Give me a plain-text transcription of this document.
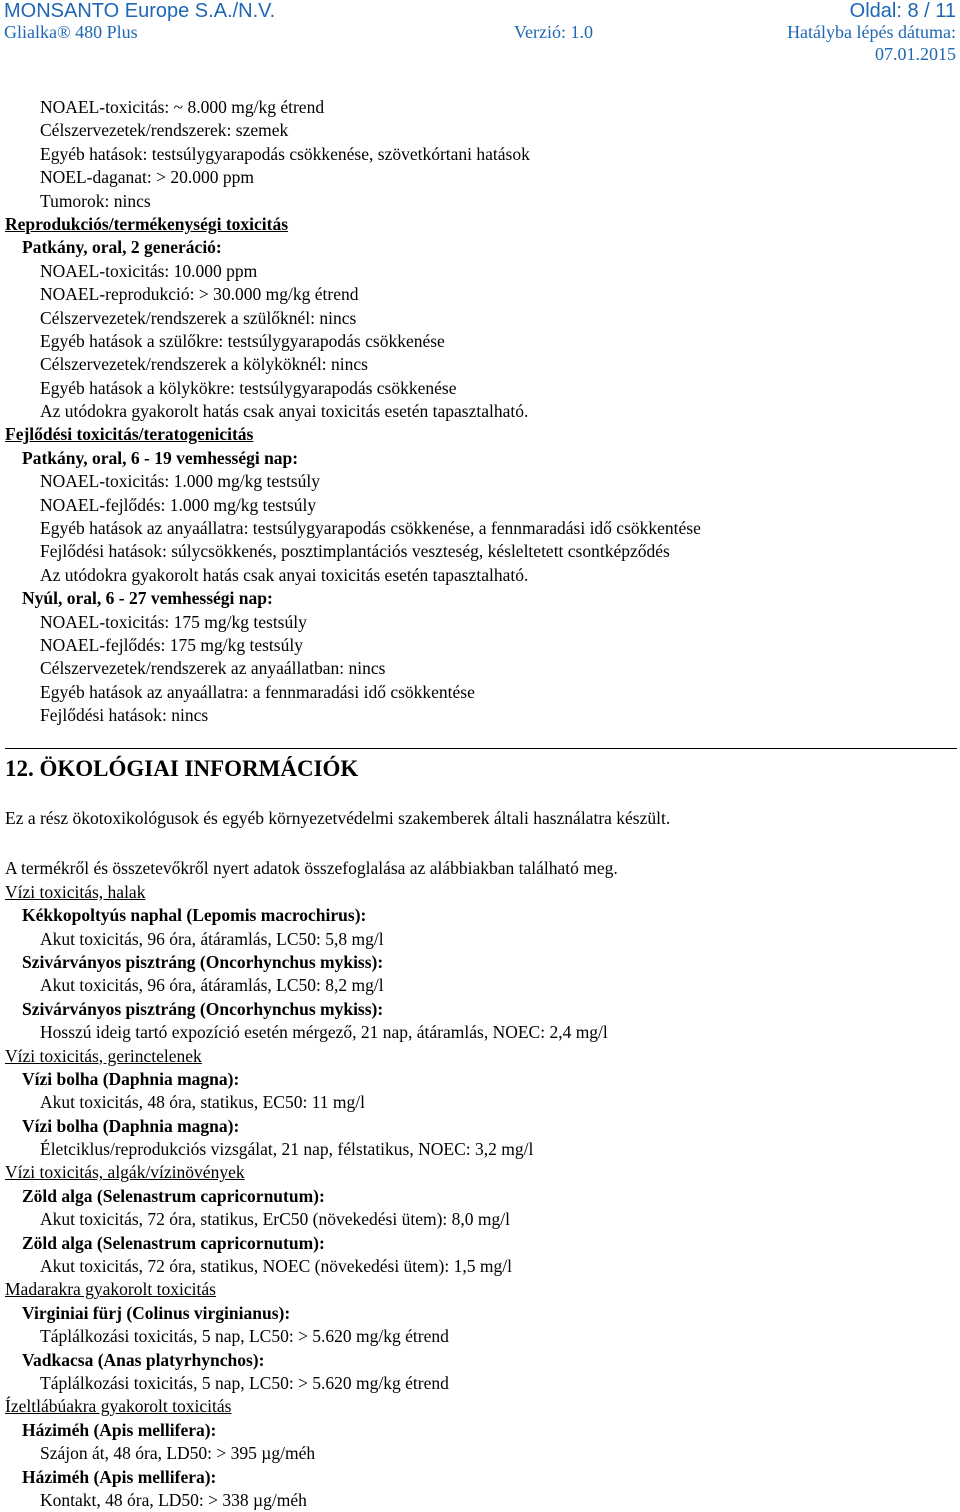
MONSANTO Europe S.A./N.V.	Oldal: 8 / 11
Glialka® 480 Plus	Verzió: 1.0	Hatályba lépés dátuma:
07.01.2015
NOAEL-toxicitás: ~ 8.000 mg/kg étrend
Célszervezetek/rendszerek: szemek
Egyéb hatások: testsúlygyarapodás csökkenése, szövetkórtani hatások
NOEL-daganat: > 20.000 ppm
Tumorok: nincs
Reprodukciós/termékenységi toxicitás
Patkány, oral, 2 generáció:
NOAEL-toxicitás: 10.000 ppm
NOAEL-reprodukció: > 30.000 mg/kg étrend
Célszervezetek/rendszerek a szülőknél: nincs
Egyéb hatások a szülőkre: testsúlygyarapodás csökkenése
Célszervezetek/rendszerek a kölyköknél: nincs
Egyéb hatások a kölykökre: testsúlygyarapodás csökkenése
Az utódokra gyakorolt hatás csak anyai toxicitás esetén tapasztalható.
Fejlődési toxicitás/teratogenicitás
Patkány, oral, 6 - 19 vemhességi nap:
NOAEL-toxicitás: 1.000 mg/kg testsúly
NOAEL-fejlődés: 1.000 mg/kg testsúly
Egyéb hatások az anyaállatra: testsúlygyarapodás csökkenése, a fennmaradási idő csökkentése
Fejlődési hatások: súlycsökkenés, posztimplantációs veszteség, késleltetett csontképződés
Az utódokra gyakorolt hatás csak anyai toxicitás esetén tapasztalható.
Nyúl, oral, 6 - 27 vemhességi nap:
NOAEL-toxicitás: 175 mg/kg testsúly
NOAEL-fejlődés: 175 mg/kg testsúly
Célszervezetek/rendszerek az anyaállatban: nincs
Egyéb hatások az anyaállatra: a fennmaradási idő csökkentése
Fejlődési hatások: nincs
12. ÖKOLÓGIAI INFORMÁCIÓK
Ez a rész ökotoxikológusok és egyéb környezetvédelmi szakemberek általi használatra készült.
A termékről és összetevőkről nyert adatok összefoglalása az alábbiakban található meg.
Vízi toxicitás, halak
Kékkopoltyús naphal (Lepomis macrochirus):
Akut toxicitás, 96 óra, átáramlás, LC50: 5,8 mg/l
Szivárványos pisztráng (Oncorhynchus mykiss):
Akut toxicitás, 96 óra, átáramlás, LC50: 8,2 mg/l
Szivárványos pisztráng (Oncorhynchus mykiss):
Hosszú ideig tartó expozíció esetén mérgező, 21 nap, átáramlás, NOEC: 2,4 mg/l
Vízi toxicitás, gerinctelenek
Vízi bolha (Daphnia magna):
Akut toxicitás, 48 óra, statikus, EC50: 11 mg/l
Vízi bolha (Daphnia magna):
Életciklus/reprodukciós vizsgálat, 21 nap, félstatikus, NOEC: 3,2 mg/l
Vízi toxicitás, algák/vízinövények
Zöld alga (Selenastrum capricornutum):
Akut toxicitás, 72 óra, statikus, ErC50 (növekedési ütem): 8,0 mg/l
Zöld alga (Selenastrum capricornutum):
Akut toxicitás, 72 óra, statikus, NOEC (növekedési ütem): 1,5 mg/l
Madarakra gyakorolt toxicitás
Virginiai fürj (Colinus virginianus):
Táplálkozási toxicitás, 5 nap, LC50: > 5.620 mg/kg étrend
Vadkacsa (Anas platyrhynchos):
Táplálkozási toxicitás, 5 nap, LC50: > 5.620 mg/kg étrend
Ízeltlábúakra gyakorolt toxicitás
Háziméh (Apis mellifera):
Szájon át, 48 óra, LD50: > 395 µg/méh
Háziméh (Apis mellifera):
Kontakt, 48 óra, LD50: > 338 µg/méh
